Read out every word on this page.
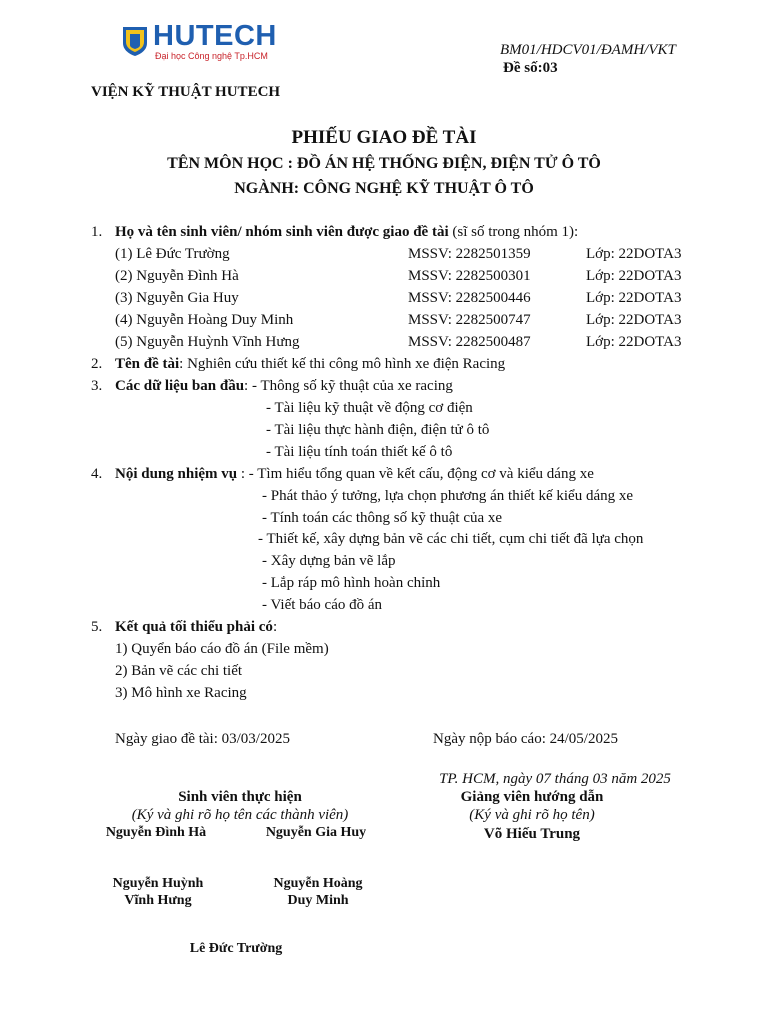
HUTECH
Đại học Công nghệ Tp.HCM	BM01/HDCV01/ĐAMH/VKT
Đề số:03
VIỆN KỸ THUẬT HUTECH
PHIẾU GIAO ĐỀ TÀI
TÊN MÔN HỌC : ĐỒ ÁN HỆ THỐNG ĐIỆN, ĐIỆN TỬ Ô TÔ
NGÀNH: CÔNG NGHỆ KỸ THUẬT Ô TÔ
1. Họ và tên sinh viên/ nhóm sinh viên được giao đề tài (sĩ số trong nhóm 1):
(1) Lê Đức Trường	MSSV: 2282501359	Lớp: 22DOTA3
(2) Nguyễn Đình Hà	MSSV: 2282500301	Lớp: 22DOTA3
(3) Nguyễn Gia Huy	MSSV: 2282500446	Lớp: 22DOTA3
(4) Nguyễn Hoàng Duy Minh	MSSV: 2282500747	Lớp: 22DOTA3
(5) Nguyễn Huỳnh Vĩnh Hưng	MSSV: 2282500487	Lớp: 22DOTA3
2. Tên đề tài: Nghiên cứu thiết kế thi công mô hình xe điện Racing
3. Các dữ liệu ban đầu: - Thông số kỹ thuật của xe racing
- Tài liệu kỹ thuật về động cơ điện
- Tài liệu thực hành điện, điện tử ô tô
- Tài liệu tính toán thiết kế ô tô
4. Nội dung nhiệm vụ : - Tìm hiểu tổng quan về kết cấu, động cơ và kiểu dáng xe
- Phát thảo ý tưởng, lựa chọn phương án thiết kế kiểu dáng xe
- Tính toán các thông số kỹ thuật của xe
- Thiết kế, xây dựng bản vẽ các chi tiết, cụm chi tiết đã lựa chọn
- Xây dựng bản vẽ lắp
- Lắp ráp mô hình hoàn chỉnh
- Viết báo cáo đồ án
5. Kết quả tối thiểu phải có:
1) Quyển báo cáo đồ án (File mềm)
2) Bản vẽ các chi tiết
3) Mô hình xe Racing
Ngày giao đề tài: 03/03/2025	Ngày nộp báo cáo: 24/05/2025
TP. HCM, ngày 07 tháng 03 năm 2025
Sinh viên thực hiện
(Ký và ghi rõ họ tên các thành viên)
Nguyễn Đình Hà	Nguyễn Gia Huy
Nguyễn Huỳnh
Vĩnh Hưng
Nguyễn Hoàng
Duy Minh
Lê Đức Trường
Giảng viên hướng dẫn
(Ký và ghi rõ họ tên)
Võ Hiếu Trung
